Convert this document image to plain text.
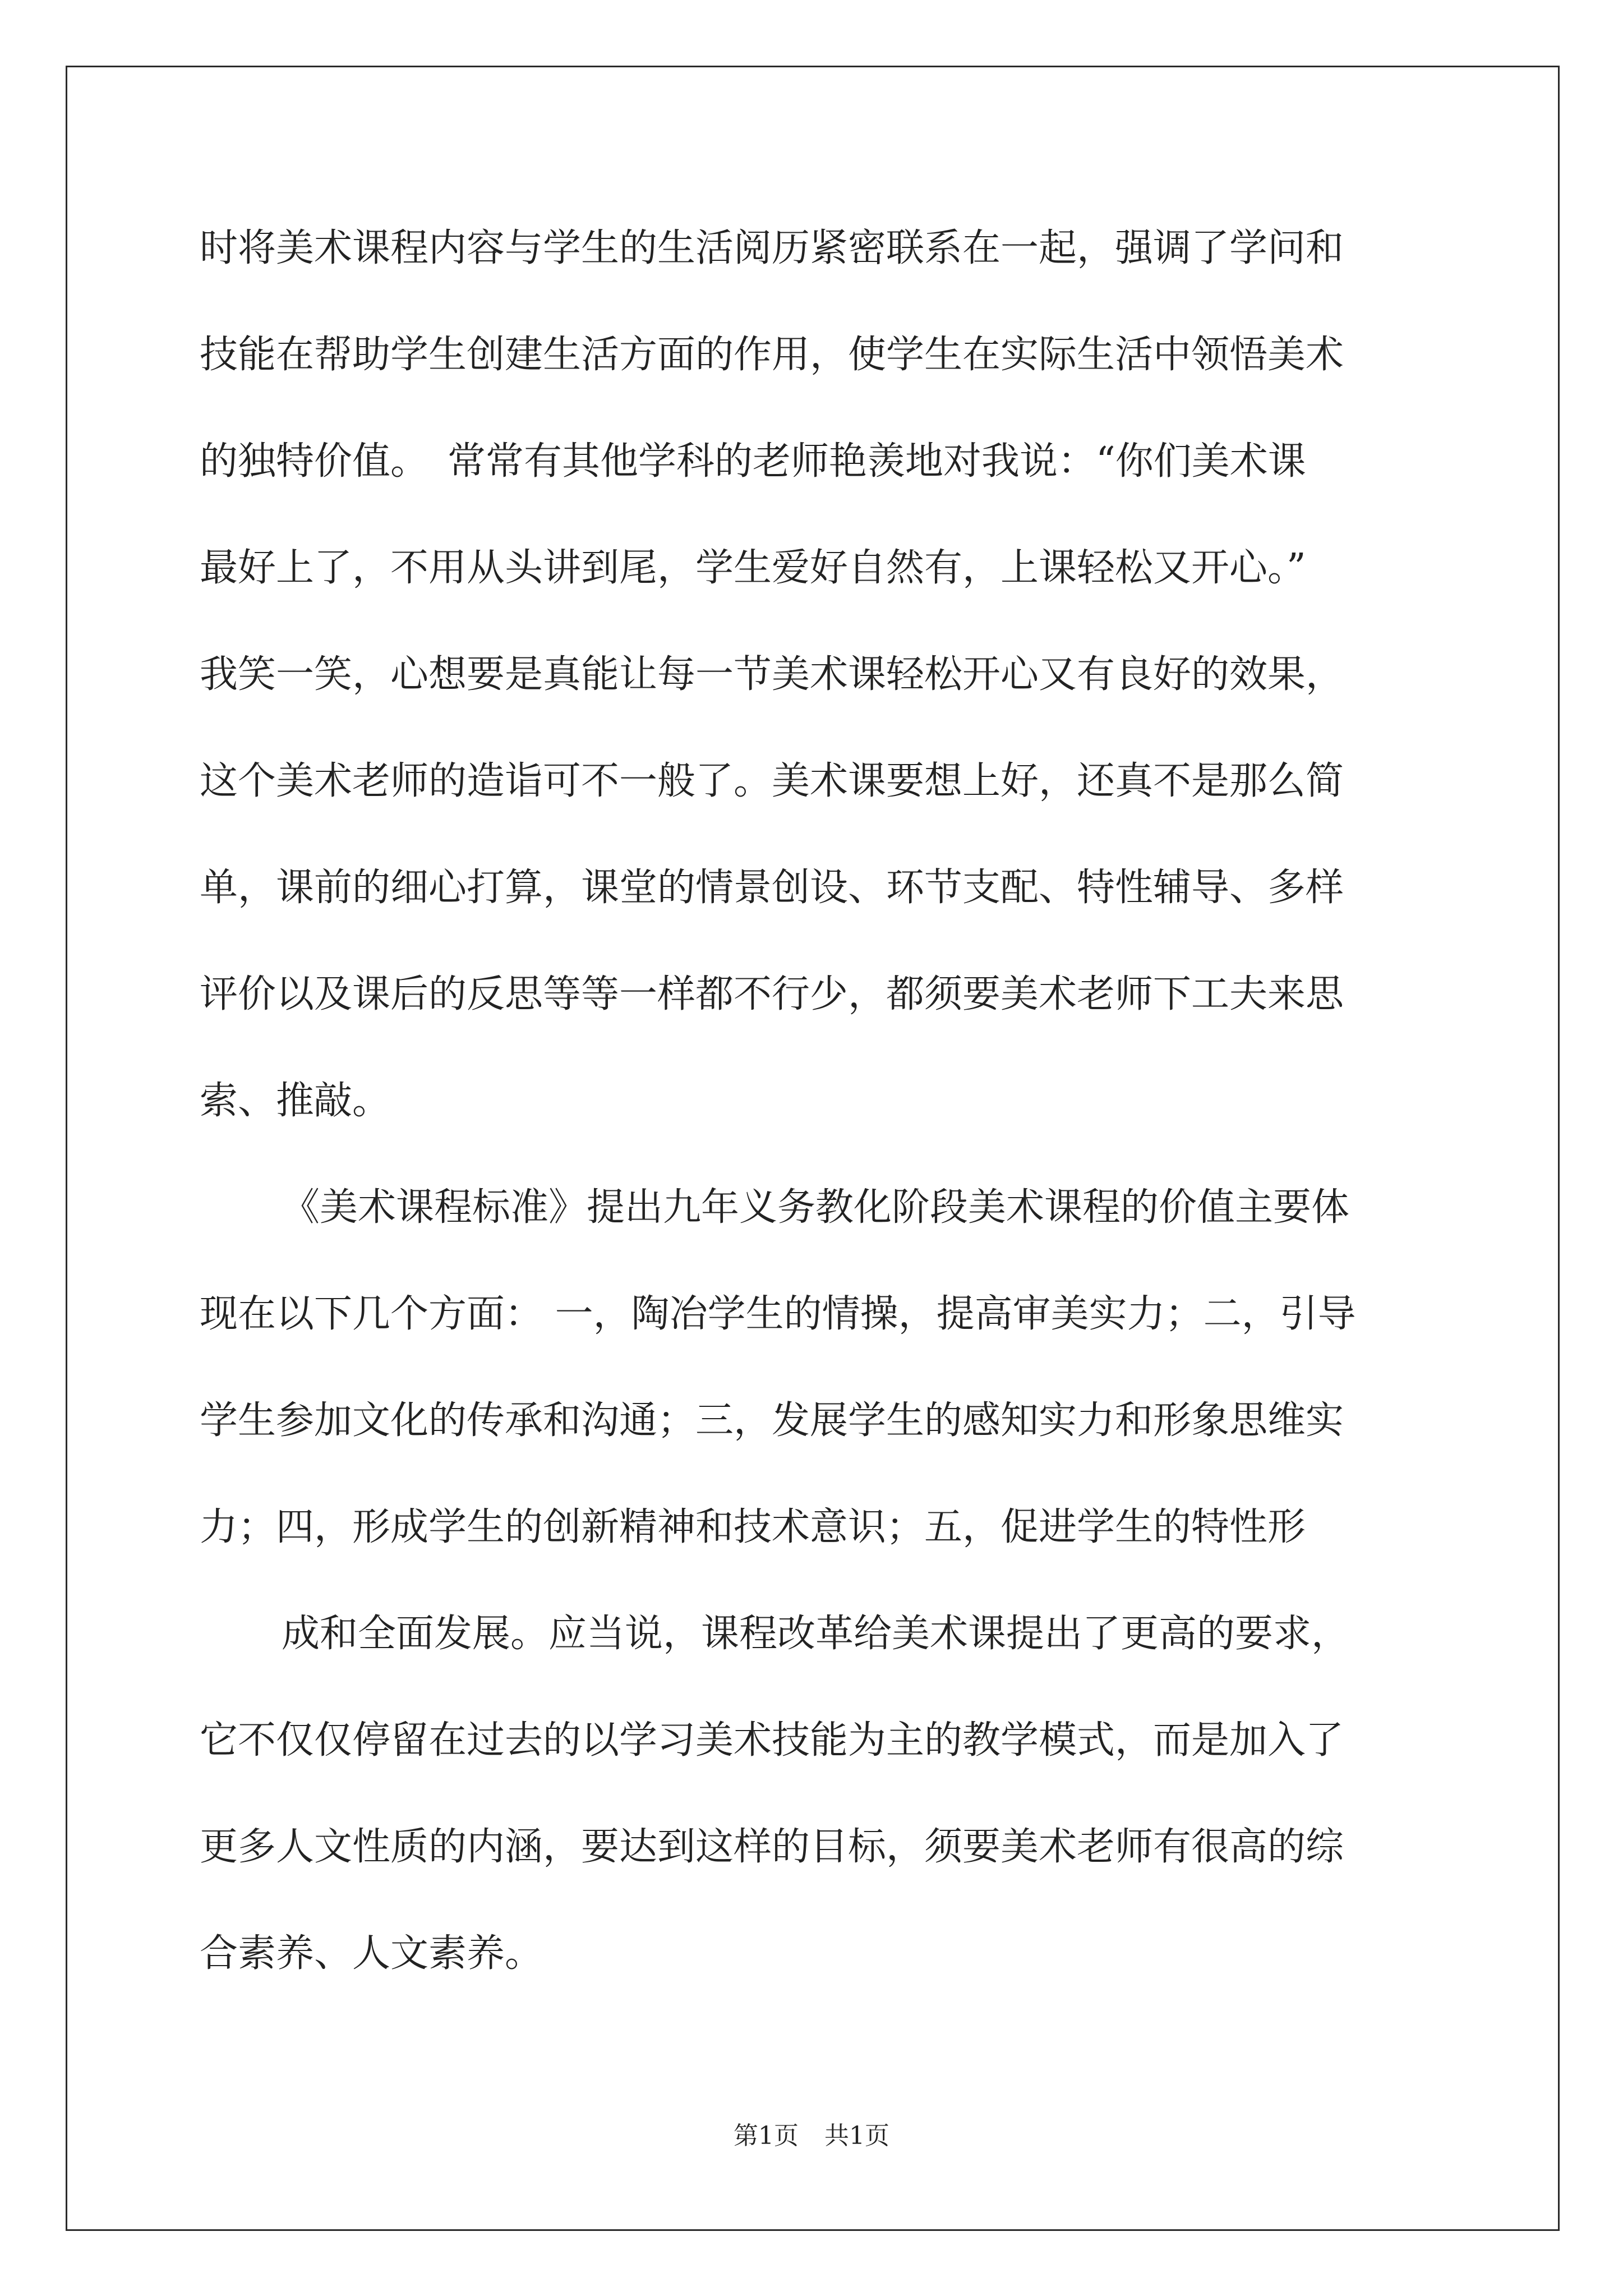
时将美术课程内容与学生的生活阅历紧密联系在一起，强调了学问和

技能在帮助学生创建生活方面的作用，使学生在实际生活中领悟美术

的独特价值。　常常有其他学科的老师艳羡地对我说：“你们美术课

最好上了，不用从头讲到尾，学生爱好自然有，上课轻松又开心。”

我笑一笑，心想要是真能让每一节美术课轻松开心又有良好的效果，

这个美术老师的造诣可不一般了。美术课要想上好，还真不是那么简

单，课前的细心打算，课堂的情景创设、环节支配、特性辅导、多样

评价以及课后的反思等等一样都不行少，都须要美术老师下工夫来思

索、推敲。

《美术课程标准》提出九年义务教化阶段美术课程的价值主要体

现在以下几个方面： 一，陶冶学生的情操，提高审美实力；二，引导

学生参加文化的传承和沟通；三，发展学生的感知实力和形象思维实

力；四，形成学生的创新精神和技术意识；五，促进学生的特性形

成和全面发展。应当说，课程改革给美术课提出了更高的要求，

它不仅仅停留在过去的以学习美术技能为主的教学模式，而是加入了

更多人文性质的内涵，要达到这样的目标，须要美术老师有很高的综

合素养、人文素养。

第1页 共1页
